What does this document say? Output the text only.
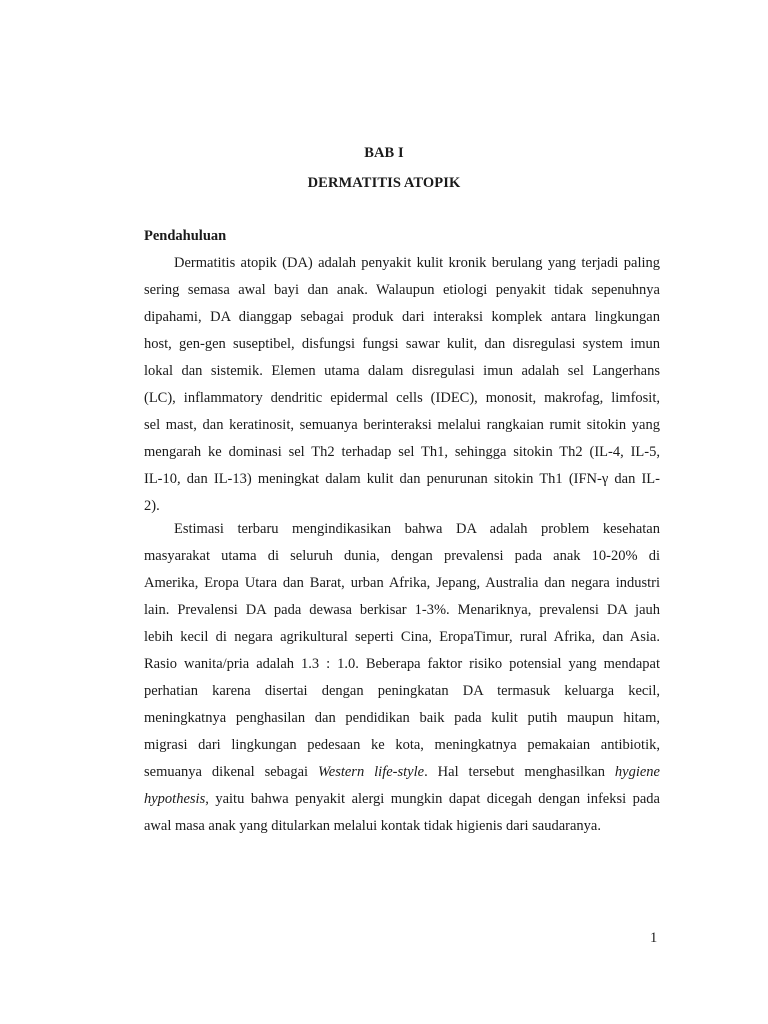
BAB I
DERMATITIS ATOPIK
Pendahuluan
Dermatitis atopik (DA) adalah penyakit kulit kronik berulang yang terjadi paling
sering semasa awal bayi dan anak. Walaupun etiologi penyakit tidak sepenuhnya
dipahami, DA dianggap sebagai produk dari interaksi komplek antara lingkungan
host, gen-gen suseptibel, disfungsi fungsi sawar kulit, dan disregulasi system imun
lokal dan sistemik. Elemen utama dalam disregulasi imun adalah sel Langerhans
(LC), inflammatory dendritic epidermal cells (IDEC), monosit, makrofag, limfosit,
sel mast, dan keratinosit, semuanya berinteraksi melalui rangkaian rumit sitokin yang
mengarah ke dominasi sel Th2 terhadap sel Th1, sehingga sitokin Th2 (IL-4, IL-5,
IL-10, dan IL-13) meningkat dalam kulit dan penurunan sitokin Th1 (IFN-γ dan IL-
2).
Estimasi terbaru mengindikasikan bahwa DA adalah problem kesehatan
masyarakat utama di seluruh dunia, dengan prevalensi pada anak 10-20% di
Amerika, Eropa Utara dan Barat, urban Afrika, Jepang, Australia dan negara industri
lain. Prevalensi DA pada dewasa berkisar 1-3%. Menariknya, prevalensi DA jauh
lebih kecil di negara agrikultural seperti Cina, EropaTimur, rural Afrika, dan Asia.
Rasio wanita/pria adalah 1.3 : 1.0. Beberapa faktor risiko potensial yang mendapat
perhatian karena disertai dengan peningkatan DA termasuk keluarga kecil,
meningkatnya penghasilan dan pendidikan baik pada kulit putih maupun hitam,
migrasi dari lingkungan pedesaan ke kota, meningkatnya pemakaian antibiotik,
semuanya dikenal sebagai Western life-style. Hal tersebut menghasilkan hygiene
hypothesis, yaitu bahwa penyakit alergi mungkin dapat dicegah dengan infeksi pada
awal masa anak yang ditularkan melalui kontak tidak higienis dari saudaranya.
1
